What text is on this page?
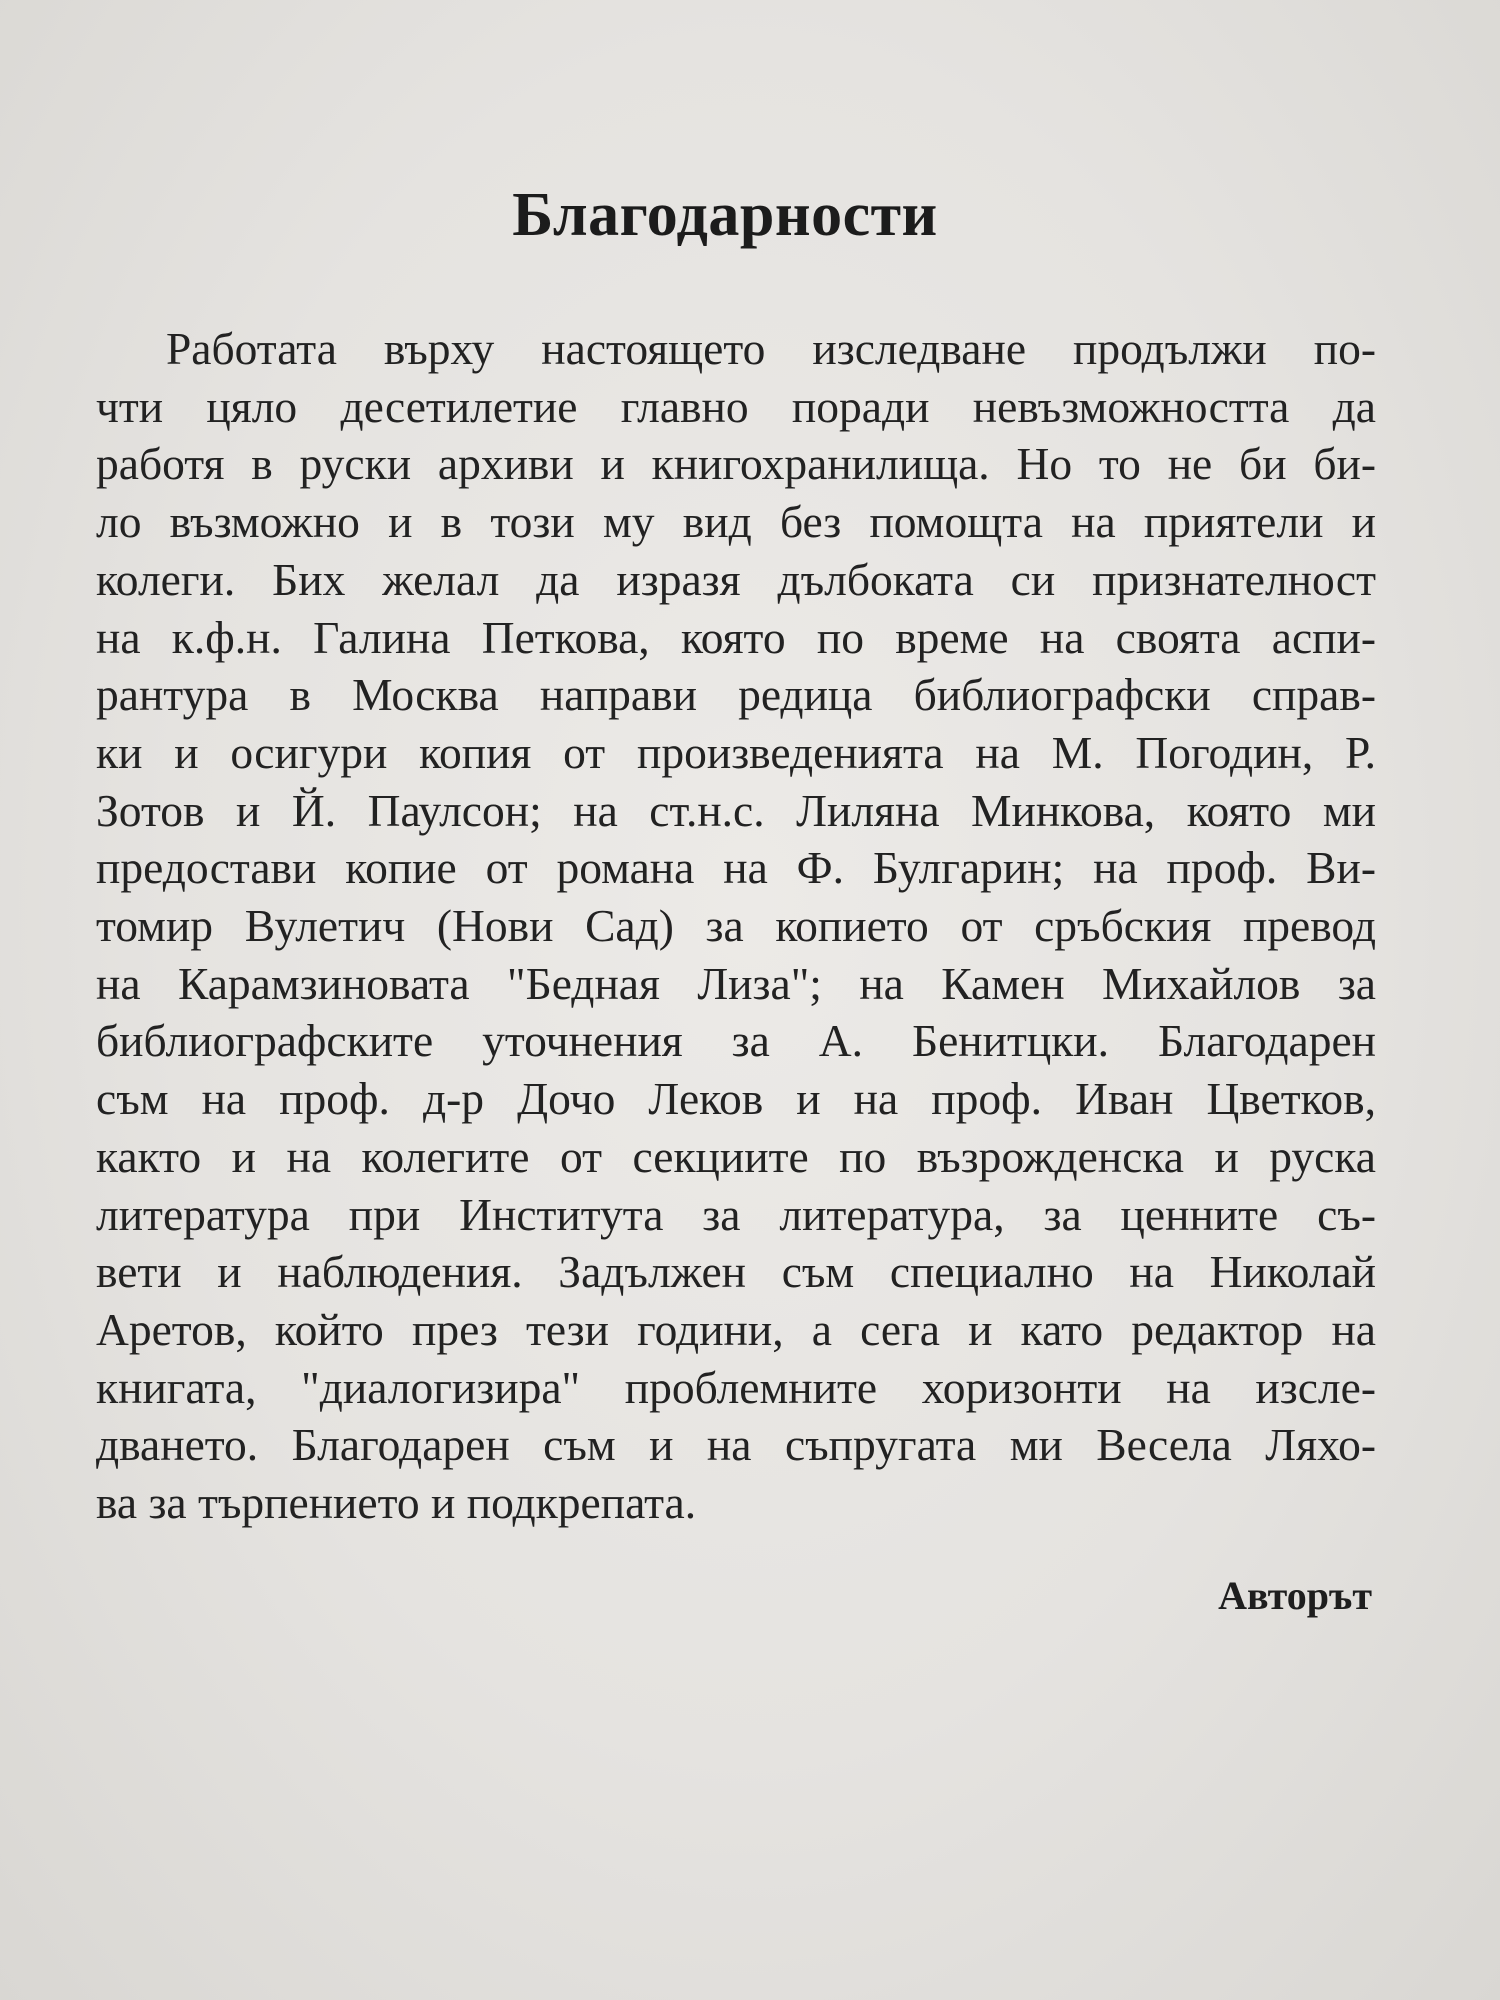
Благодарности
Работата върху настоящето изследване продължи по-
чти цяло десетилетие главно поради невъзможността да
работя в руски архиви и книгохранилища. Но то не би би-
ло възможно и в този му вид без помощта на приятели и
колеги. Бих желал да изразя дълбоката си признателност
на к.ф.н. Галина Петкова, която по време на своята аспи-
рантура в Москва направи редица библиографски справ-
ки и осигури копия от произведенията на М. Погодин, Р.
Зотов и Й. Паулсон; на ст.н.с. Лиляна Минкова, която ми
предостави копие от романа на Ф. Булгарин; на проф. Ви-
томир Вулетич (Нови Сад) за копието от сръбския превод
на Карамзиновата "Бедная Лиза"; на Камен Михайлов за
библиографските уточнения за А. Бенитцки. Благодарен
съм на проф. д-р Дочо Леков и на проф. Иван Цветков,
както и на колегите от секциите по възрожденска и руска
литература при Института за литература, за ценните съ-
вети и наблюдения. Задължен съм специално на Николай
Аретов, който през тези години, а сега и като редактор на
книгата, "диалогизира" проблемните хоризонти на изсле-
дването. Благодарен съм и на съпругата ми Весела Ляхо-
ва за търпението и подкрепата.
Авторът
